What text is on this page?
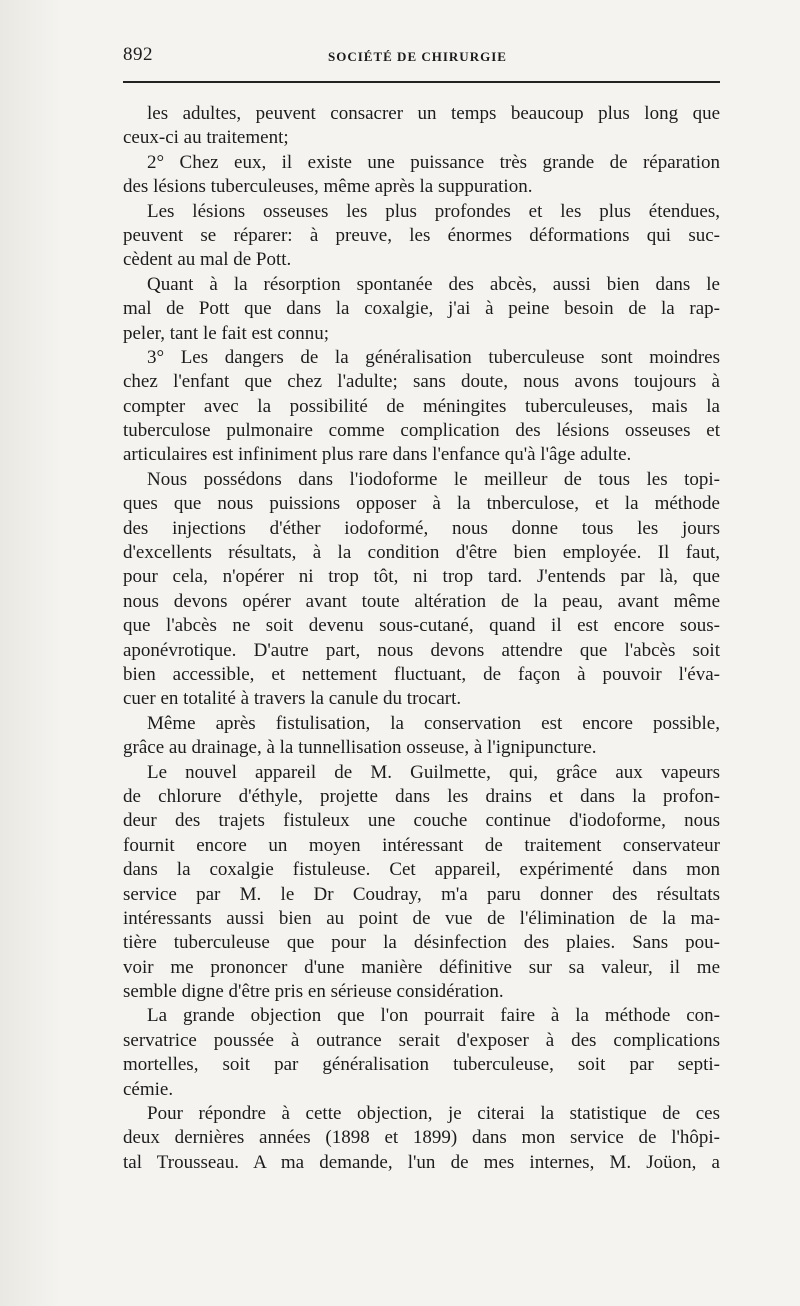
892	SOCIÉTÉ DE CHIRURGIE
les adultes, peuvent consacrer un temps beaucoup plus long que
ceux-ci au traitement;
2° Chez eux, il existe une puissance très grande de réparation
des lésions tuberculeuses, même après la suppuration.
Les lésions osseuses les plus profondes et les plus étendues,
peuvent se réparer: à preuve, les énormes déformations qui suc-
cèdent au mal de Pott.
Quant à la résorption spontanée des abcès, aussi bien dans le
mal de Pott que dans la coxalgie, j'ai à peine besoin de la rap-
peler, tant le fait est connu;
3° Les dangers de la généralisation tuberculeuse sont moindres
chez l'enfant que chez l'adulte; sans doute, nous avons toujours à
compter avec la possibilité de méningites tuberculeuses, mais la
tuberculose pulmonaire comme complication des lésions osseuses et
articulaires est infiniment plus rare dans l'enfance qu'à l'âge adulte.
Nous possédons dans l'iodoforme le meilleur de tous les topi-
ques que nous puissions opposer à la tnberculose, et la méthode
des injections d'éther iodoformé, nous donne tous les jours
d'excellents résultats, à la condition d'être bien employée. Il faut,
pour cela, n'opérer ni trop tôt, ni trop tard. J'entends par là, que
nous devons opérer avant toute altération de la peau, avant même
que l'abcès ne soit devenu sous-cutané, quand il est encore sous-
aponévrotique. D'autre part, nous devons attendre que l'abcès soit
bien accessible, et nettement fluctuant, de façon à pouvoir l'éva-
cuer en totalité à travers la canule du trocart.
Même après fistulisation, la conservation est encore possible,
grâce au drainage, à la tunnellisation osseuse, à l'ignipuncture.
Le nouvel appareil de M. Guilmette, qui, grâce aux vapeurs
de chlorure d'éthyle, projette dans les drains et dans la profon-
deur des trajets fistuleux une couche continue d'iodoforme, nous
fournit encore un moyen intéressant de traitement conservateur
dans la coxalgie fistuleuse. Cet appareil, expérimenté dans mon
service par M. le Dr Coudray, m'a paru donner des résultats
intéressants aussi bien au point de vue de l'élimination de la ma-
tière tuberculeuse que pour la désinfection des plaies. Sans pou-
voir me prononcer d'une manière définitive sur sa valeur, il me
semble digne d'être pris en sérieuse considération.
La grande objection que l'on pourrait faire à la méthode con-
servatrice poussée à outrance serait d'exposer à des complications
mortelles, soit par généralisation tuberculeuse, soit par septi-
cémie.
Pour répondre à cette objection, je citerai la statistique de ces
deux dernières années (1898 et 1899) dans mon service de l'hôpi-
tal Trousseau. A ma demande, l'un de mes internes, M. Joüon, a
